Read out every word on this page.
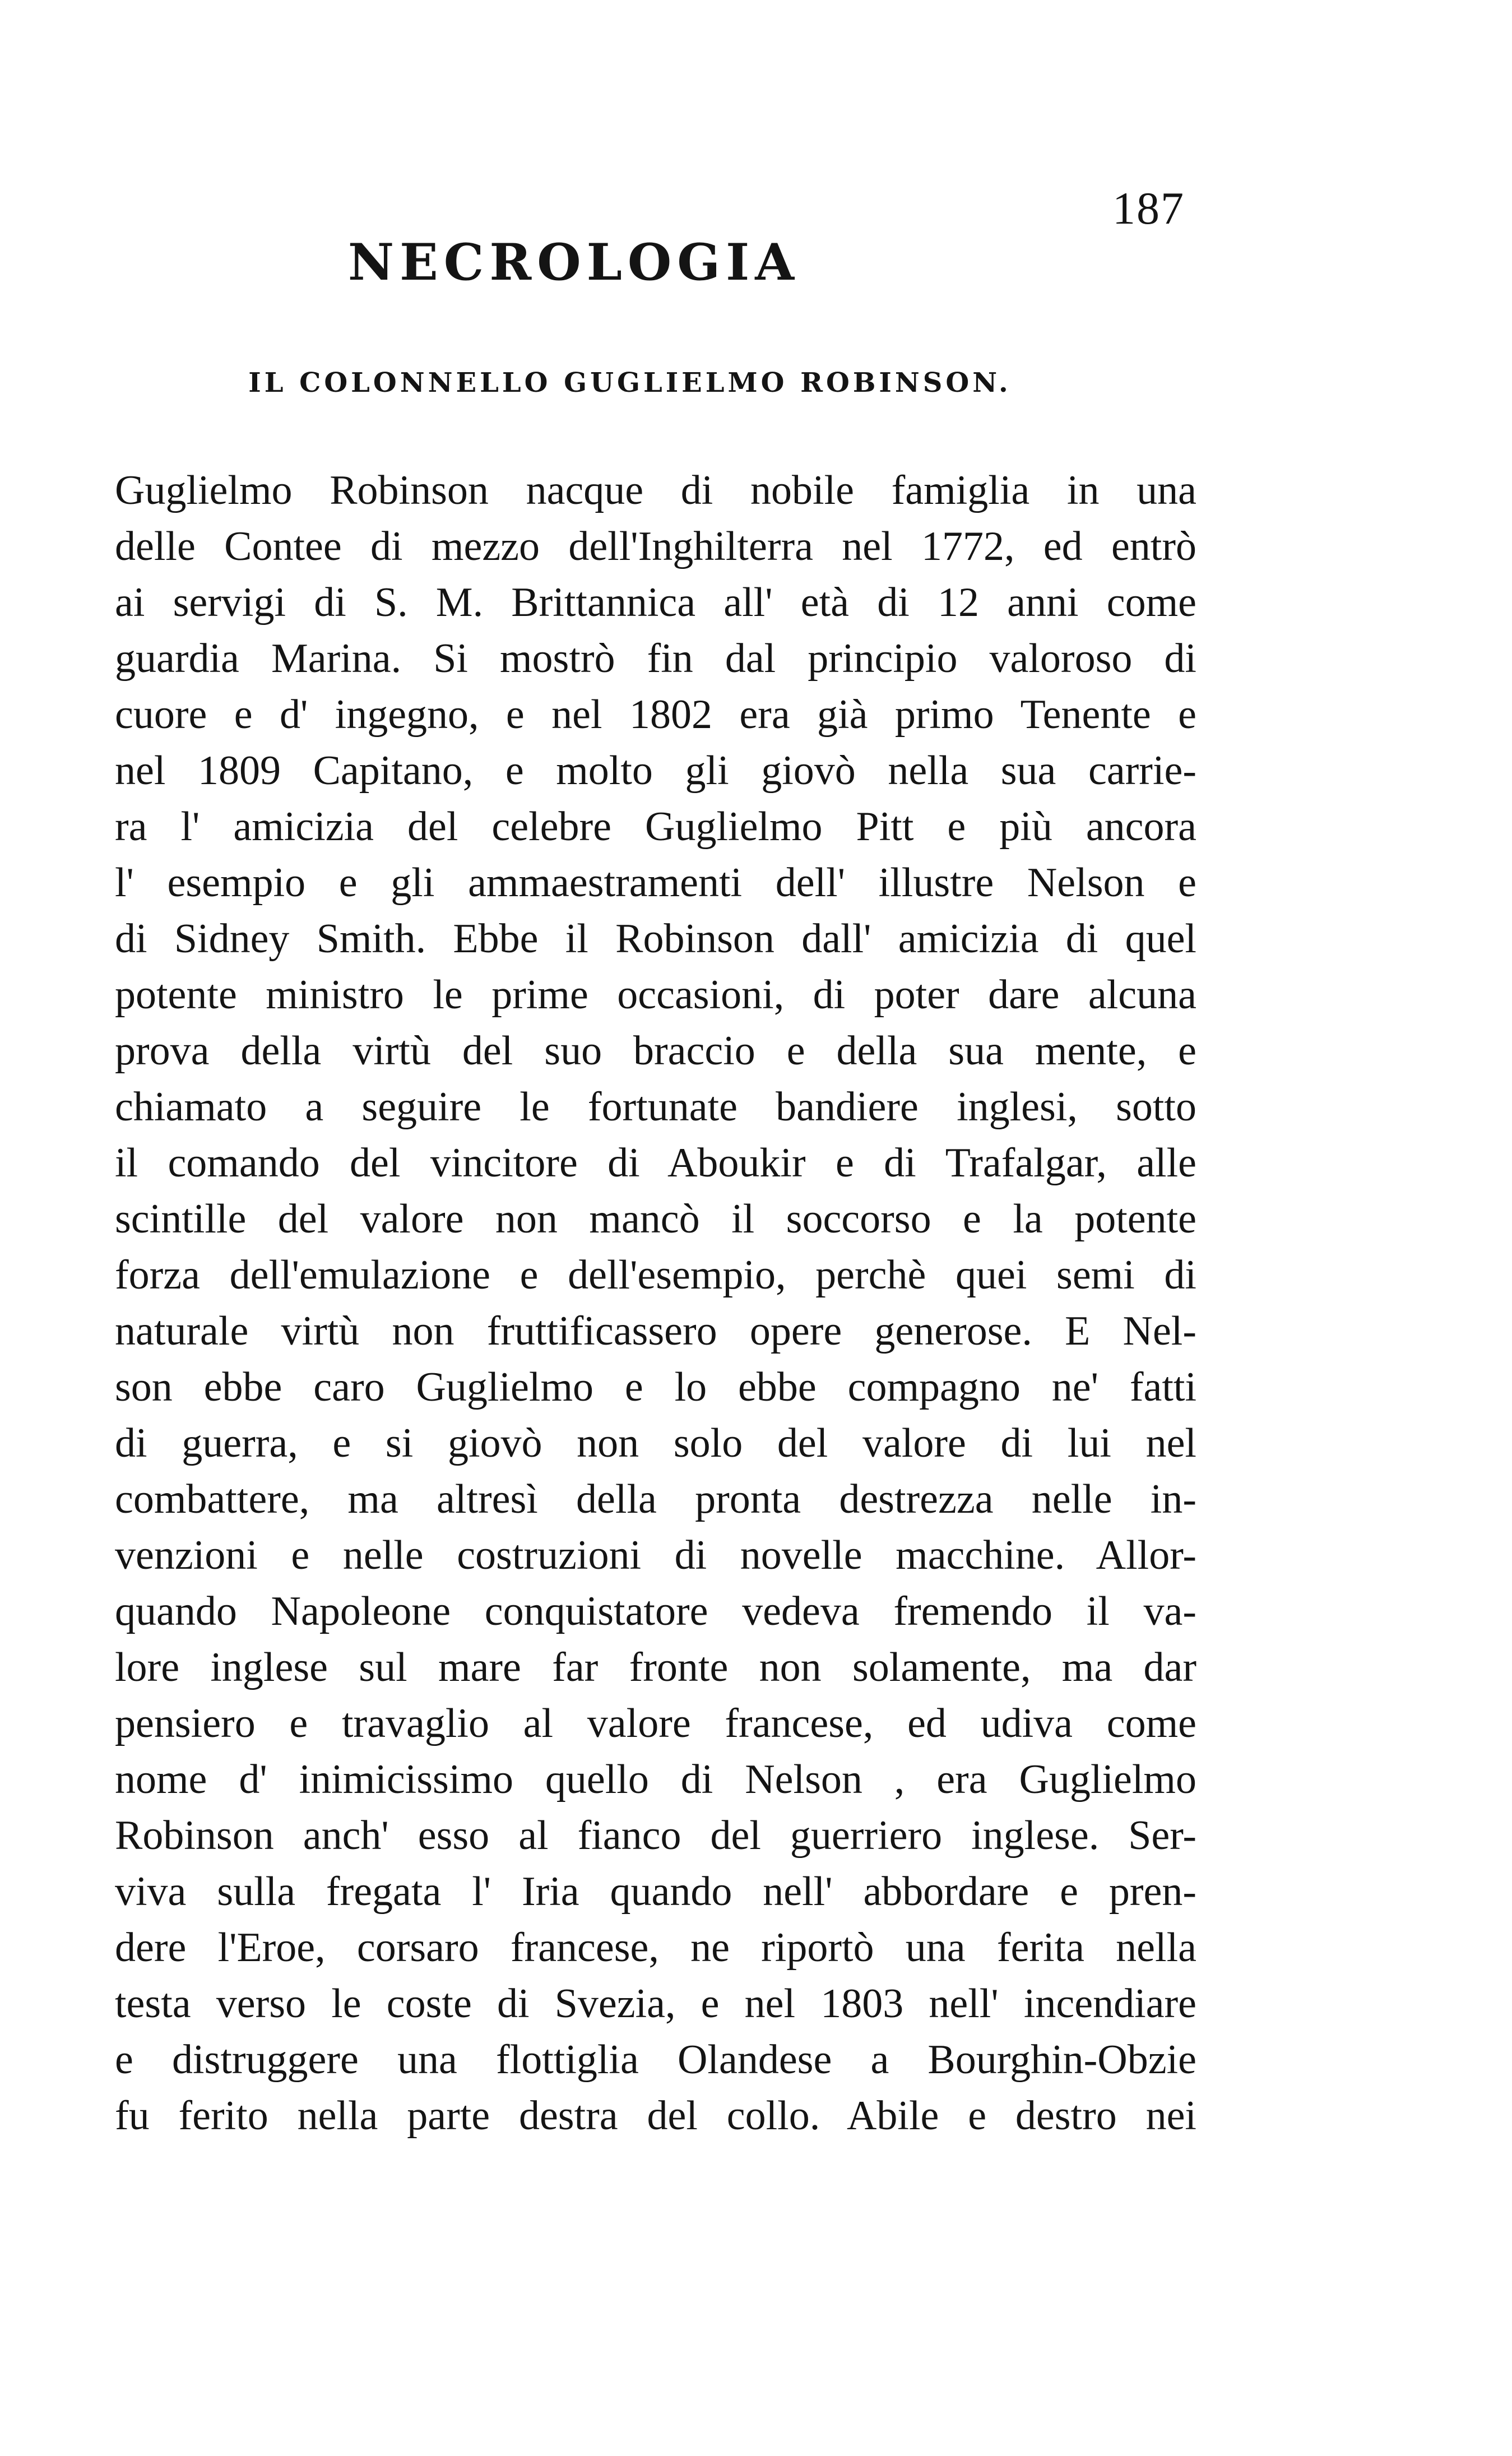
187
NECROLOGIA
IL COLONNELLO GUGLIELMO ROBINSON.
Guglielmo Robinson nacque di nobile famiglia in una
delle Contee di mezzo dell'Inghilterra nel 1772, ed entrò
ai servigi di S. M. Brittannica all' età di 12 anni come
guardia Marina. Si mostrò fin dal principio valoroso di
cuore e d' ingegno, e nel 1802 era già primo Tenente e
nel 1809 Capitano, e molto gli giovò nella sua carrie-
ra l' amicizia del celebre Guglielmo Pitt e più ancora
l' esempio e gli ammaestramenti dell' illustre Nelson e
di Sidney Smith. Ebbe il Robinson dall' amicizia di quel
potente ministro le prime occasioni, di poter dare alcuna
prova della virtù del suo braccio e della sua mente, e
chiamato a seguire le fortunate bandiere inglesi, sotto
il comando del vincitore di Aboukir e di Trafalgar, alle
scintille del valore non mancò il soccorso e la potente
forza dell'emulazione e dell'esempio, perchè quei semi di
naturale virtù non fruttificassero opere generose. E Nel-
son ebbe caro Guglielmo e lo ebbe compagno ne' fatti
di guerra, e si giovò non solo del valore di lui nel
combattere, ma altresì della pronta destrezza nelle in-
venzioni e nelle costruzioni di novelle macchine. Allor-
quando Napoleone conquistatore vedeva fremendo il va-
lore inglese sul mare far fronte non solamente, ma dar
pensiero e travaglio al valore francese, ed udiva come
nome d' inimicissimo quello di Nelson , era Guglielmo
Robinson anch' esso al fianco del guerriero inglese. Ser-
viva sulla fregata l' Iria quando nell' abbordare e pren-
dere l'Eroe, corsaro francese, ne riportò una ferita nella
testa verso le coste di Svezia, e nel 1803 nell' incendiare
e distruggere una flottiglia Olandese a Bourghin-Obzie
fu ferito nella parte destra del collo. Abile e destro nei
